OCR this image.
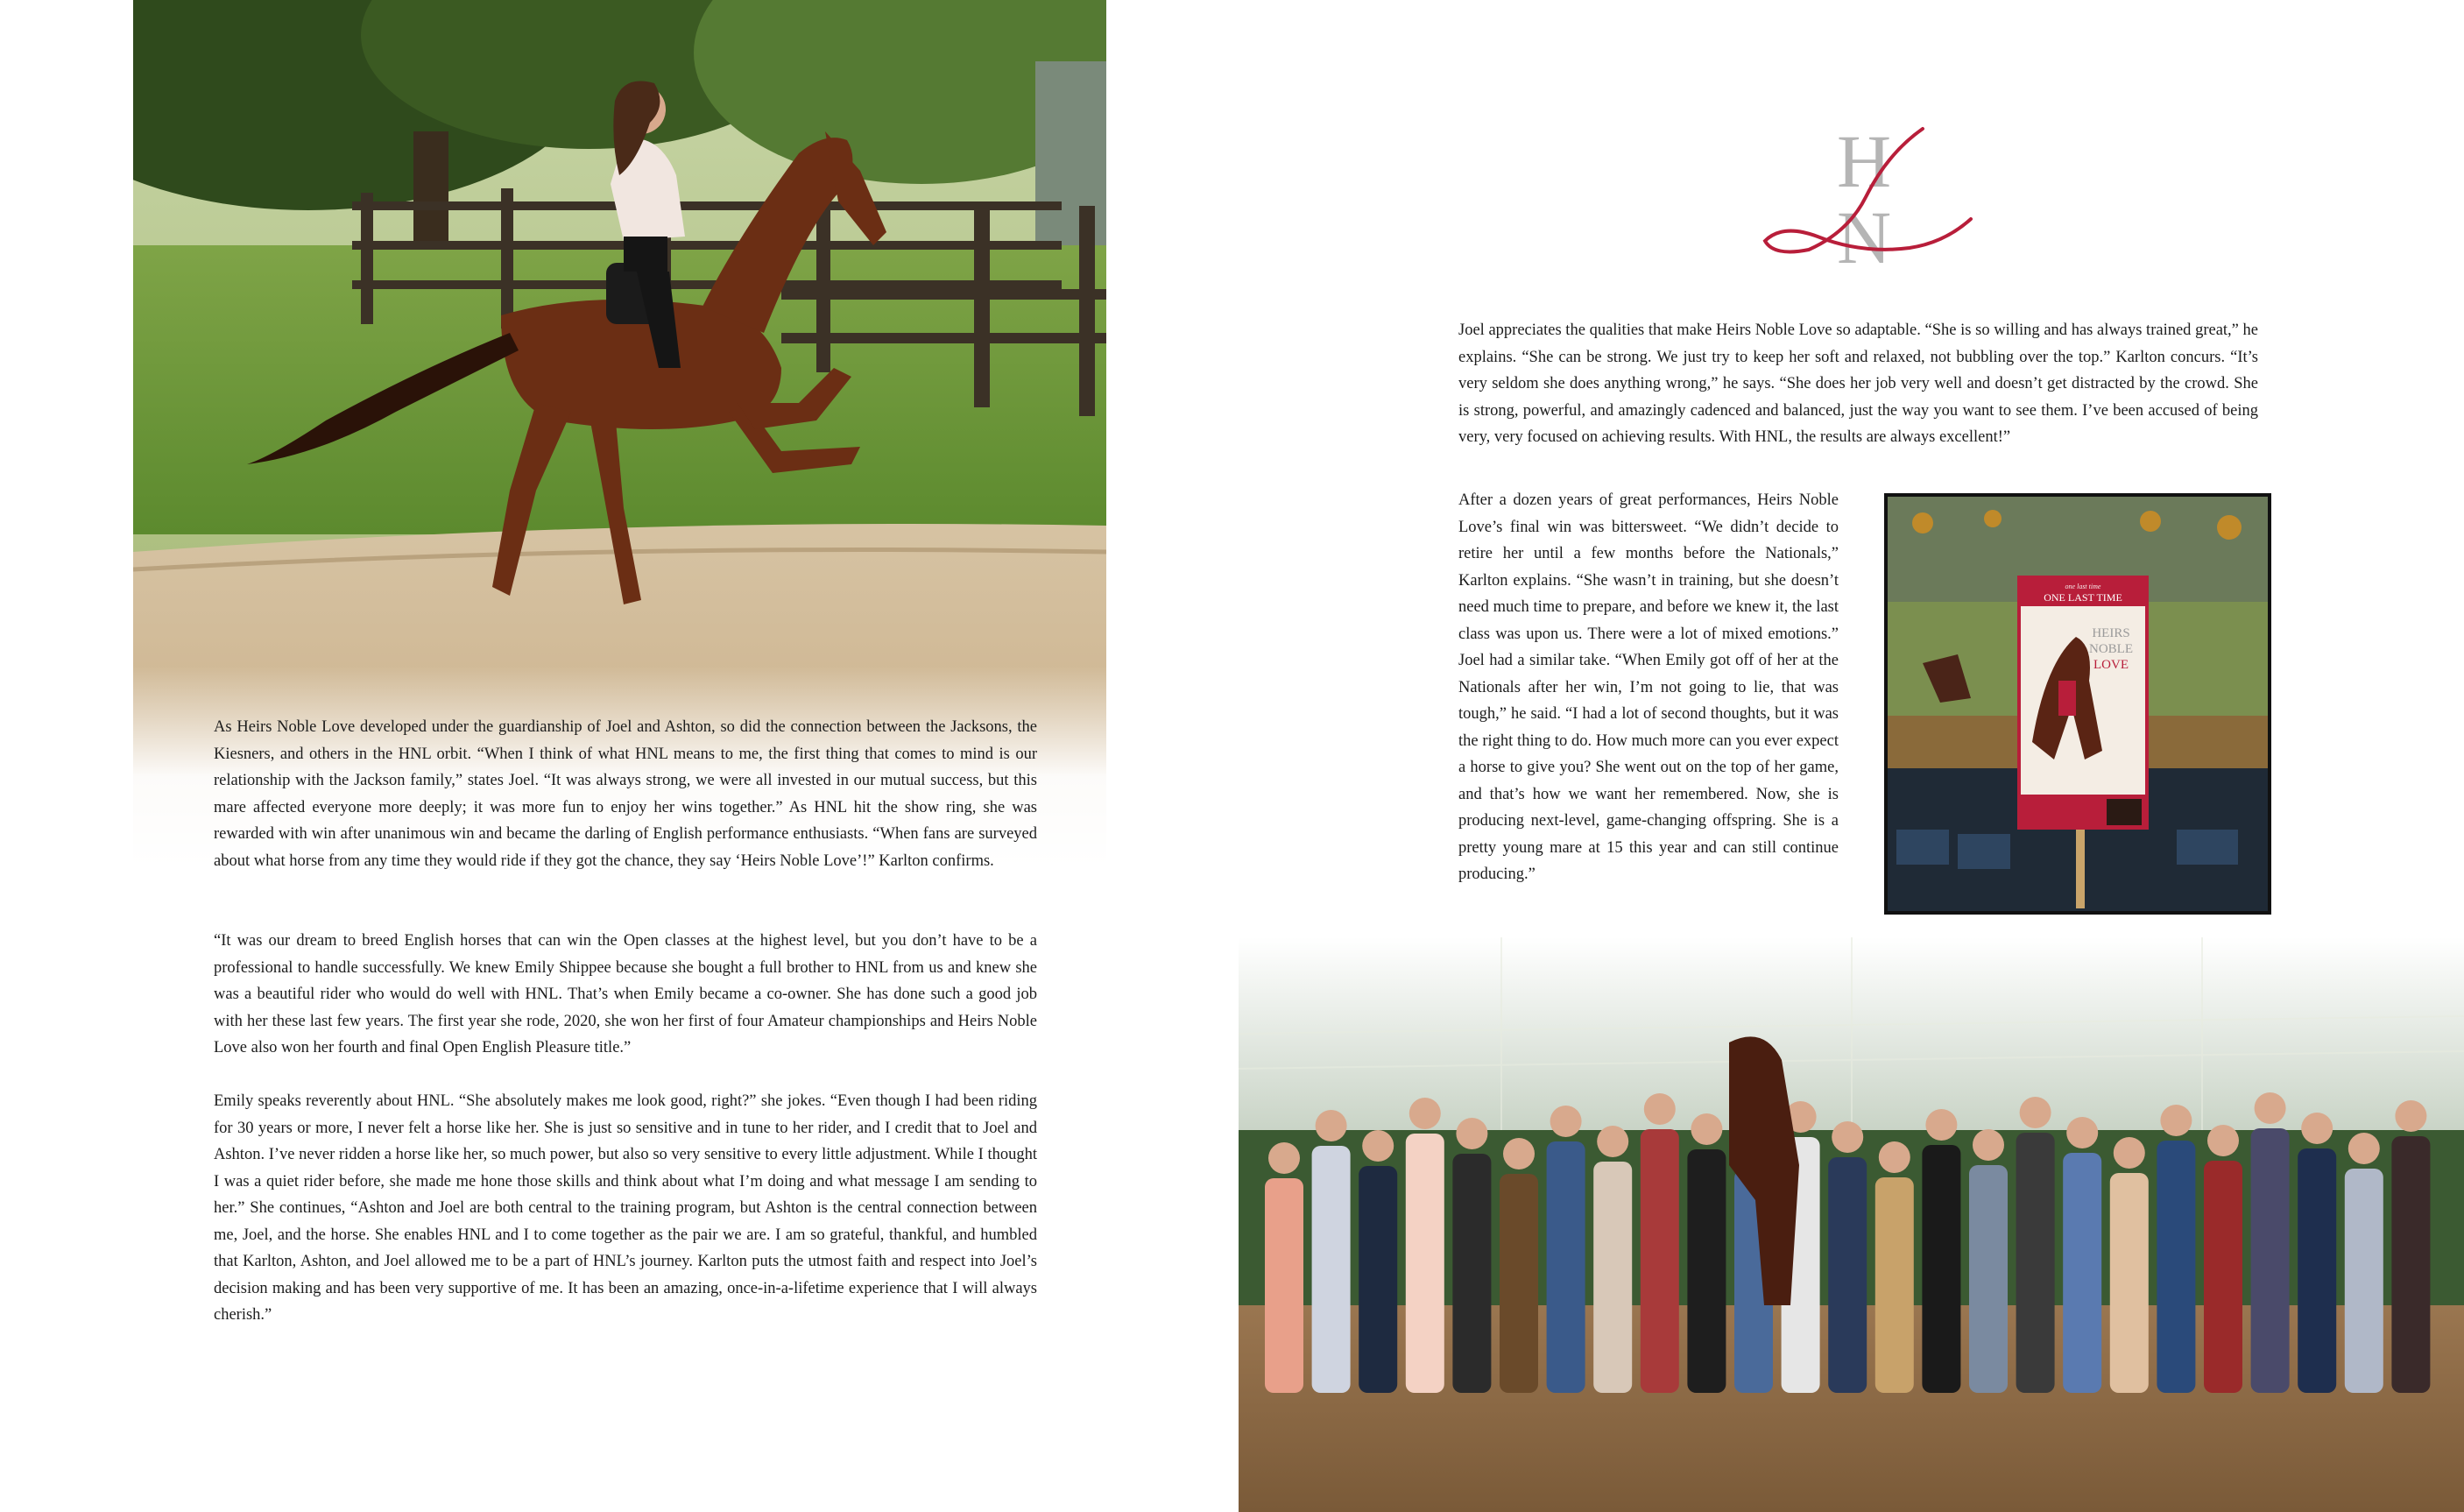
As Heirs Noble Love developed under the guardianship of Joel and Ashton, so did the connection between the Jacksons, the Kiesners, and others in the HNL orbit. “When I think of what HNL means to me, the first thing that comes to mind is our relationship with the Jackson family,” states Joel. “It was always strong, we were all invested in our mutual success, but this mare affected everyone more deeply; it was more fun to enjoy her wins together.” As HNL hit the show ring, she was rewarded with win after unanimous win and became the darling of English performance enthusiasts. “When fans are surveyed about what horse from any time they would ride if they got the chance, they say ‘Heirs Noble Love’!” Karlton confirms.

“It was our dream to breed English horses that can win the Open classes at the highest level, but you don’t have to be a professional to handle successfully. We knew Emily Shippee because she bought a full brother to HNL from us and knew she was a beautiful rider who would do well with HNL. That’s when Emily became a co-owner. She has done such a good job with her these last few years. The first year she rode, 2020, she won her first of four Amateur championships and Heirs Noble Love also won her fourth and final Open English Pleasure title.”

Emily speaks reverently about HNL. “She absolutely makes me look good, right?” she jokes. “Even though I had been riding for 30 years or more, I never felt a horse like her. She is just so sensitive and in tune to her rider, and I credit that to Joel and Ashton. I’ve never ridden a horse like her, so much power, but also so very sensitive to every little adjustment. While I thought I was a quiet rider before, she made me hone those skills and think about what I’m doing and what message I am sending to her.” She continues, “Ashton and Joel are both central to the training program, but Ashton is the central connection between me, Joel, and the horse. She enables HNL and I to come together as the pair we are. I am so grateful, thankful, and humbled that Karlton, Ashton, and Joel allowed me to be a part of HNL’s journey. Karlton puts the utmost faith and respect into Joel’s decision making and has been very supportive of me. It has been an amazing, once-in-a-lifetime experience that I will always cherish.”

H
N

Joel appreciates the qualities that make Heirs Noble Love so adaptable. “She is so willing and has always trained great,” he explains. “She can be strong. We just try to keep her soft and relaxed, not bubbling over the top.” Karlton concurs. “It’s very seldom she does anything wrong,” he says. “She does her job very well and doesn’t get distracted by the crowd. She is strong, powerful, and amazingly cadenced and balanced, just the way you want to see them. I’ve been accused of being very, very focused on achieving results. With HNL, the results are always excellent!”

After a dozen years of great performances, Heirs Noble Love’s final win was bittersweet. “We didn’t decide to retire her until a few months before the Nationals,” Karlton explains. “She wasn’t in training, but she doesn’t need much time to prepare, and before we knew it, the last class was upon us. There were a lot of mixed emotions.” Joel had a similar take. “When Emily got off of her at the Nationals after her win, I’m not going to lie, that was tough,” he said. “I had a lot of second thoughts, but it was the right thing to do. How much more can you ever expect a horse to give you? She went out on the top of her game, and that’s how we want her remembered. Now, she is producing next-level, game-changing offspring. She is a pretty young mare at 15 this year and can still continue producing.”

one last time
ONE LAST TIME
HEIRS
NOBLE
LOVE
